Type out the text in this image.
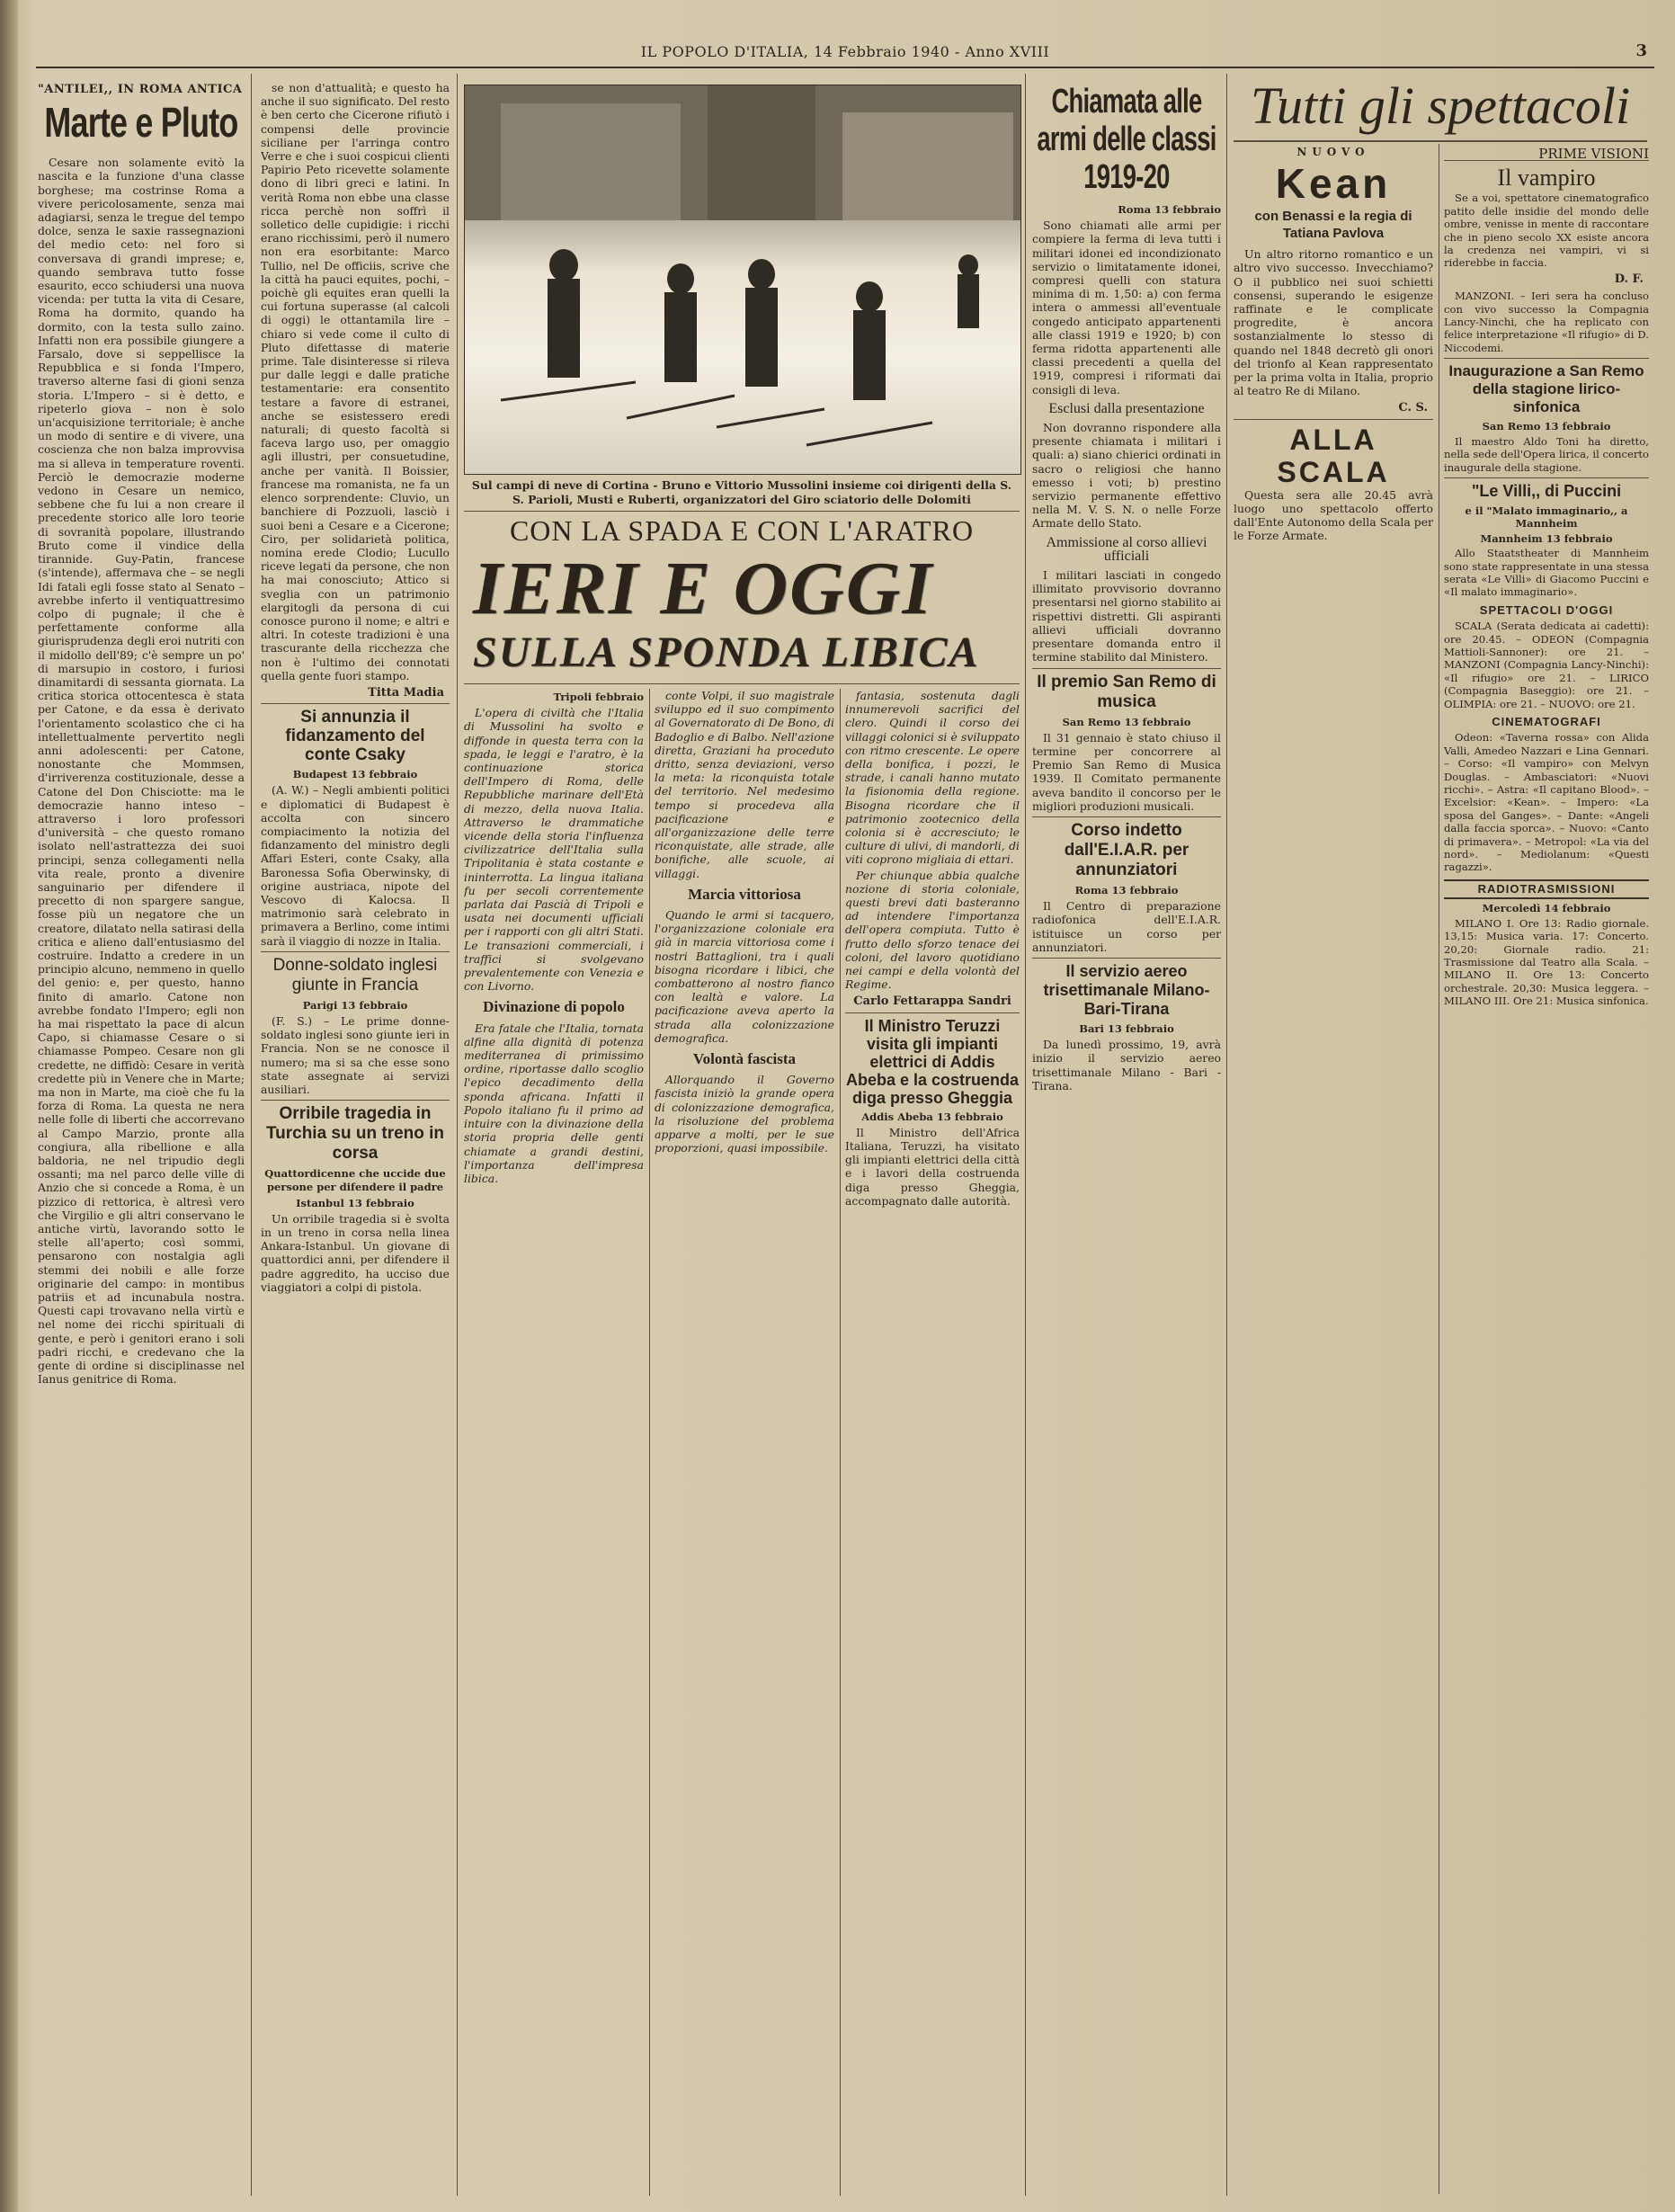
IL POPOLO D'ITALIA, 14 Febbraio 1940 - Anno XVIII	3
"ANTILEI,, IN ROMA ANTICA
Marte e Pluto

Cesare non solamente evitò la nascita e la funzione d'una classe borghese; ma costrinse Roma a vivere pericolosamente, senza mai adagiarsi, senza le tregue del tempo dolce, senza le saxie rassegnazioni del medio ceto: nel foro si conversava di grandi imprese; e, quando sembrava tutto fosse esaurito, ecco schiudersi una nuova vicenda: per tutta la vita di Cesare, Roma ha dormito, quando ha dormito, con la testa sullo zaino. Infatti non era possibile giungere a Farsalo, dove si seppellisce la Repubblica e si fonda l'Impero, traverso alterne fasi di gioni senza storia. L'Impero – si è detto, e ripeterlo giova – non è solo un'acquisizione territoriale; è anche un modo di sentire e di vivere, una coscienza che non balza improvvisa ma si alleva in temperature roventi. Perciò le democrazie moderne vedono in Cesare un nemico, sebbene che fu lui a non creare il precedente storico alle loro teorie di sovranità popolare, illustrando Bruto come il vindice della tirannide. Guy-Patin, francese (s'intende), affermava che – se negli Idi fatali egli fosse stato al Senato – avrebbe inferto il ventiquattresimo colpo di pugnale; il che è perfettamente conforme alla giurisprudenza degli eroi nutriti con il midollo dell'89; c'è sempre un po' di marsupio in costoro, i furiosi dinamitardi di sessanta giornata. La critica storica ottocentesca è stata per Catone, e da essa è derivato l'orientamento scolastico che ci ha intellettualmente pervertito negli anni adolescenti: per Catone, nonostante che Mommsen, d'irriverenza costituzionale, desse a Catone del Don Chisciotte: ma le democrazie hanno inteso – attraverso i loro professori d'università – che questo romano isolato nell'astrattezza dei suoi principi, senza collegamenti nella vita reale, pronto a divenire sanguinario per difendere il precetto di non spargere sangue, fosse più un negatore che un creatore, dilatato nella satirasi della critica e alieno dall'entusiasmo del costruire. Indatto a credere in un principio alcuno, nemmeno in quello del genio: e, per questo, hanno finito di amarlo. Catone non avrebbe fondato l'Impero; egli non ha mai rispettato la pace di alcun Capo, si chiamasse Cesare o si chiamasse Pompeo. Cesare non gli credette, ne diffidò: Cesare in verità credette più in Venere che in Marte; ma non in Marte, ma cioè che fu la forza di Roma. La questa ne nera nelle folle di liberti che accorrevano al Campo Marzio, pronte alla congiura, alla ribellione e alla baldoria, ne nel tripudio degli ossanti; ma nel parco delle ville di Anzio che si concede a Roma, è un pizzico di rettorica, è altresì vero che Virgilio e gli altri conservano le antiche virtù, lavorando sotto le stelle all'aperto; così sommi, pensarono con nostalgia agli stemmi dei nobili e alle forze originarie del campo: in montibus patriis et ad incunabula nostra. Questi capi trovavano nella virtù e nel nome dei ricchi spirituali di gente, e però i genitori erano i soli padri ricchi, e credevano che la gente di ordine si disciplinasse nel Ianus genitrice di Roma.

se non d'attualità; e questo ha anche il suo significato. Del resto è ben certo che Cicerone rifiutò i compensi delle provincie siciliane per l'arringa contro Verre e che i suoi cospicui clienti Papirio Peto ricevette solamente dono di libri greci e latini. In verità Roma non ebbe una classe ricca perchè non soffrì il solletico delle cupidigie: i ricchi erano ricchissimi, però il numero non era esorbitante: Marco Tullio, nel De officiis, scrive che la città ha pauci equites, pochi, – poichè gli equites eran quelli la cui fortuna superasse (al calcoli di oggi) le ottantamila lire – chiaro si vede come il culto di Pluto difettasse di materie prime. Tale disinteresse si rileva pur dalle leggi e dalle pratiche testamentarie: era consentito testare a favore di estranei, anche se esistessero eredi naturali; di questo facoltà si faceva largo uso, per omaggio agli illustri, per consuetudine, anche per vanità. Il Boissier, francese ma romanista, ne fa un elenco sorprendente: Cluvio, un banchiere di Pozzuoli, lasciò i suoi beni a Cesare e a Cicerone; Ciro, per solidarietà politica, nomina erede Clodio; Lucullo riceve legati da persone, che non ha mai conosciuto; Attico si sveglia con un patrimonio elargitogli da persona di cui conosce purono il nome; e altri e altri. In coteste tradizioni è una trascurante della ricchezza che non è l'ultimo dei connotati quella gente fuori stampo.

Titta Madia
Si annunzia il fidanzamento del conte Csaky
Budapest 13 febbraio

(A. W.) – Negli ambienti politici e diplomatici di Budapest è accolta con sincero compiacimento la notizia del fidanzamento del ministro degli Affari Esteri, conte Csaky, alla Baronessa Sofia Oberwinsky, di origine austriaca, nipote del Vescovo di Kalocsa. Il matrimonio sarà celebrato in primavera a Berlino, come intimi sarà il viaggio di nozze in Italia.

Donne-soldato inglesi giunte in Francia
Parigi 13 febbraio

(F. S.) – Le prime donne-soldato inglesi sono giunte ieri in Francia. Non se ne conosce il numero; ma si sa che esse sono state assegnate ai servizi ausiliari.

Orribile tragedia in Turchia su un treno in corsa
Quattordicenne che uccide due persone per difendere il padre
Istanbul 13 febbraio

Un orribile tragedia si è svolta in un treno in corsa nella linea Ankara-Istanbul. Un giovane di quattordici anni, per difendere il padre aggredito, ha ucciso due viaggiatori a colpi di pistola.

Sul campi di neve di Cortina - Bruno e Vittorio Mussolini insieme coi dirigenti della S. S. Parioli, Musti e Ruberti, organizzatori del Giro sciatorio delle Dolomiti
CON LA SPADA E CON L'ARATRO
IERI E OGGI
SULLA SPONDA LIBICA
Tripoli febbraio

L'opera di civiltà che l'Italia di Mussolini ha svolto e diffonde in questa terra con la spada, le leggi e l'aratro, è la continuazione storica dell'Impero di Roma, delle Repubbliche marinare dell'Età di mezzo, della nuova Italia. Attraverso le drammatiche vicende della storia l'influenza civilizzatrice dell'Italia sulla Tripolitania è stata costante e ininterrotta. La lingua italiana fu per secoli correntemente parlata dai Pascià di Tripoli e usata nei documenti ufficiali per i rapporti con gli altri Stati. Le transazioni commerciali, i traffici si svolgevano prevalentemente con Venezia e con Livorno.

Divinazione di popolo

Era fatale che l'Italia, tornata alfine alla dignità di potenza mediterranea di primissimo ordine, riportasse dallo scoglio l'epico decadimento della sponda africana. Infatti il Popolo italiano fu il primo ad intuire con la divinazione della storia propria delle genti chiamate a grandi destini, l'importanza dell'impresa libica.

conte Volpi, il suo magistrale sviluppo ed il suo compimento al Governatorato di De Bono, di Badoglio e di Balbo. Nell'azione diretta, Graziani ha proceduto dritto, senza deviazioni, verso la meta: la riconquista totale del territorio. Nel medesimo tempo si procedeva alla pacificazione e all'organizzazione delle terre riconquistate, alle strade, alle bonifiche, alle scuole, ai villaggi.

Marcia vittoriosa

Quando le armi si tacquero, l'organizzazione coloniale era già in marcia vittoriosa come i nostri Battaglioni, tra i quali bisogna ricordare i libici, che combatterono al nostro fianco con lealtà e valore. La pacificazione aveva aperto la strada alla colonizzazione demografica.

Volontà fascista

Allorquando il Governo fascista iniziò la grande opera di colonizzazione demografica, la risoluzione del problema apparve a molti, per le sue proporzioni, quasi impossibile.

fantasia, sostenuta dagli innumerevoli sacrifici del clero. Quindi il corso dei villaggi colonici si è sviluppato con ritmo crescente. Le opere della bonifica, i pozzi, le strade, i canali hanno mutato la fisionomia della regione. Bisogna ricordare che il patrimonio zootecnico della colonia si è accresciuto; le culture di ulivi, di mandorli, di viti coprono migliaia di ettari.

Per chiunque abbia qualche nozione di storia coloniale, questi brevi dati basteranno ad intendere l'importanza dell'opera compiuta. Tutto è frutto dello sforzo tenace dei coloni, del lavoro quotidiano nei campi e della volontà del Regime.

Carlo Fettarappa Sandri
Il Ministro Teruzzi visita gli impianti elettrici di Addis Abeba e la costruenda diga presso Gheggia
Addis Abeba 13 febbraio

Il Ministro dell'Africa Italiana, Teruzzi, ha visitato gli impianti elettrici della città e i lavori della costruenda diga presso Gheggia, accompagnato dalle autorità.

Chiamata alle armi delle classi 1919-20
Roma 13 febbraio

Sono chiamati alle armi per compiere la ferma di leva tutti i militari idonei ed incondizionato servizio o limitatamente idonei, compresi quelli con statura minima di m. 1,50: a) con ferma intera o ammessi all'eventuale congedo anticipato appartenenti alle classi 1919 e 1920; b) con ferma ridotta appartenenti alle classi precedenti a quella del 1919, compresi i riformati dai consigli di leva.

Esclusi dalla presentazione

Non dovranno rispondere alla presente chiamata i militari i quali: a) siano chierici ordinati in sacro o religiosi che hanno emesso i voti; b) prestino servizio permanente effettivo nella M. V. S. N. o nelle Forze Armate dello Stato.

Ammissione al corso allievi ufficiali

I militari lasciati in congedo illimitato provvisorio dovranno presentarsi nel giorno stabilito ai rispettivi distretti. Gli aspiranti allievi ufficiali dovranno presentare domanda entro il termine stabilito dal Ministero.

Il premio San Remo di musica
San Remo 13 febbraio

Il 31 gennaio è stato chiuso il termine per concorrere al Premio San Remo di Musica 1939. Il Comitato permanente aveva bandito il concorso per le migliori produzioni musicali.

Corso indetto dall'E.I.A.R. per annunziatori
Roma 13 febbraio

Il Centro di preparazione radiofonica dell'E.I.A.R. istituisce un corso per annunziatori.

Il servizio aereo trisettimanale Milano-Bari-Tirana
Bari 13 febbraio

Da lunedì prossimo, 19, avrà inizio il servizio aereo trisettimanale Milano - Bari - Tirana.

Tutti gli spettacoli
NUOVO
Kean
con Benassi e la regia di Tatiana Pavlova

Un altro ritorno romantico e un altro vivo successo. Invecchiamo? O il pubblico nei suoi schietti consensi, superando le esigenze raffinate e le complicate progredite, è ancora sostanzialmente lo stesso di quando nel 1848 decretò gli onori del trionfo al Kean rappresentato per la prima volta in Italia, proprio al teatro Re di Milano.

C. S.
ALLA SCALA

Questa sera alle 20.45 avrà luogo uno spettacolo offerto dall'Ente Autonomo della Scala per le Forze Armate.

PRIME VISIONI
Il vampiro

Se a voi, spettatore cinematografico patito delle insidie del mondo delle ombre, venisse in mente di raccontare che in pieno secolo XX esiste ancora la credenza nei vampiri, vi si riderebbe in faccia.

D. F.

MANZONI. – Ieri sera ha concluso con vivo successo la Compagnia Lancy-Ninchi, che ha replicato con felice interpretazione «Il rifugio» di D. Niccodemi.

Inaugurazione a San Remo della stagione lirico-sinfonica
San Remo 13 febbraio

Il maestro Aldo Toni ha diretto, nella sede dell'Opera lirica, il concerto inaugurale della stagione.

"Le Villi,, di Puccini
e il "Malato immaginario,, a Mannheim
Mannheim 13 febbraio

Allo Staatstheater di Mannheim sono state rappresentate in una stessa serata «Le Villi» di Giacomo Puccini e «Il malato immaginario».

SPETTACOLI D'OGGI

SCALA (Serata dedicata ai cadetti): ore 20.45. – ODEON (Compagnia Mattioli-Sannoner): ore 21. – MANZONI (Compagnia Lancy-Ninchi): «Il rifugio» ore 21. – LIRICO (Compagnia Baseggio): ore 21. – OLIMPIA: ore 21. – NUOVO: ore 21.

CINEMATOGRAFI

Odeon: «Taverna rossa» con Alida Valli, Amedeo Nazzari e Lina Gennari. – Corso: «Il vampiro» con Melvyn Douglas. – Ambasciatori: «Nuovi ricchi». – Astra: «Il capitano Blood». – Excelsior: «Kean». – Impero: «La sposa del Ganges». – Dante: «Angeli dalla faccia sporca». – Nuovo: «Canto di primavera». – Metropol: «La via del nord». – Mediolanum: «Questi ragazzi».

RADIOTRASMISSIONI
Mercoledì 14 febbraio

MILANO I. Ore 13: Radio giornale. 13,15: Musica varia. 17: Concerto. 20,20: Giornale radio. 21: Trasmissione dal Teatro alla Scala. – MILANO II. Ore 13: Concerto orchestrale. 20,30: Musica leggera. – MILANO III. Ore 21: Musica sinfonica.
